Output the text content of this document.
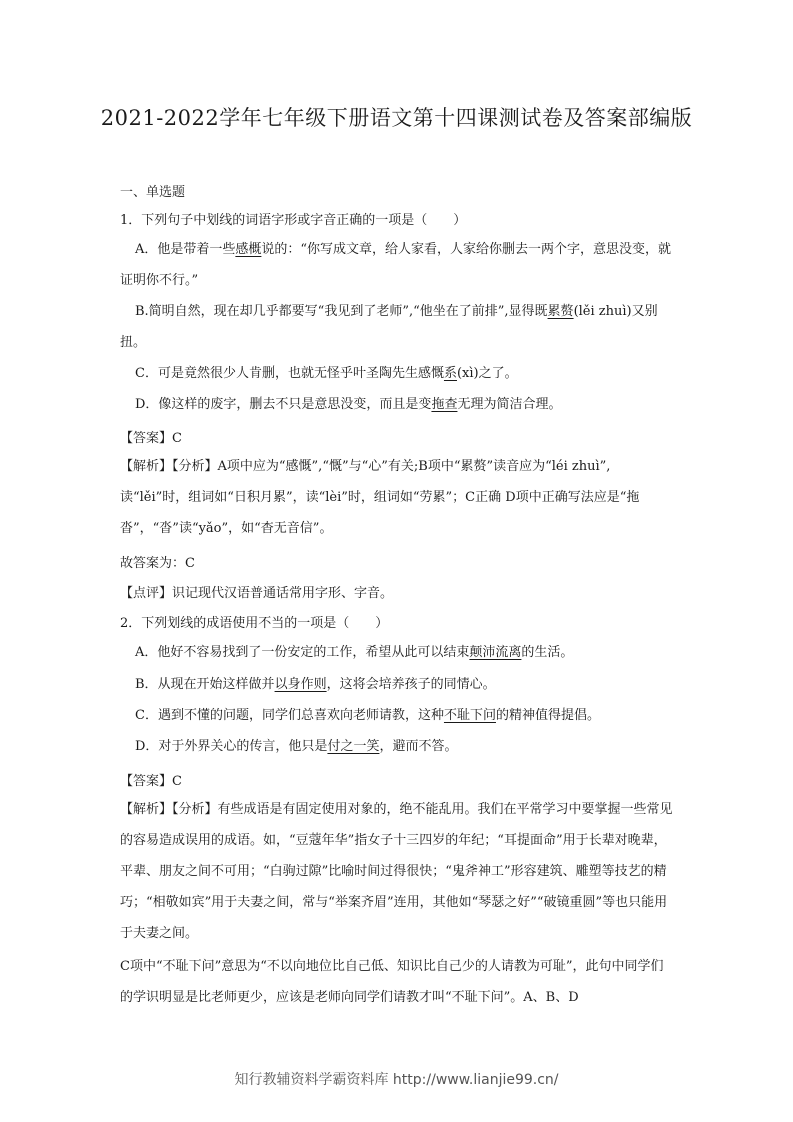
2021-2022学年七年级下册语文第十四课测试卷及答案部编版
一、单选题
1．下列句子中划线的词语字形或字音正确的一项是（　　）
A．他是带着一些感概说的：“你写成文章，给人家看，人家给你删去一两个字，意思没变，就证明你不行。”
B.简明自然，现在却几乎都要写“我见到了老师”,“他坐在了前排”,显得既累赘(lěi zhuì)又别扭。
C．可是竟然很少人肯删，也就无怪乎叶圣陶先生感慨系(xì)之了。
D．像这样的废字，删去不只是意思没变，而且是变拖查无理为简洁合理。
【答案】C
【解析】【分析】A项中应为“感慨”,“慨”与“心”有关;B项中“累赘”读音应为“léi zhuì”,读“lěi”时，组词如“日积月累”，读“lèi”时，组词如“劳累”；C正确 D项中正确写法应是“拖沓”，“沓”读“yǎo”，如“杳无音信”。
故答案为：C
【点评】识记现代汉语普通话常用字形、字音。
2．下列划线的成语使用不当的一项是（　　）
A．他好不容易找到了一份安定的工作，希望从此可以结束颠沛流离的生活。
B．从现在开始这样做并以身作则，这将会培养孩子的同情心。
C．遇到不懂的问题，同学们总喜欢向老师请教，这种不耻下问的精神值得提倡。
D．对于外界关心的传言，他只是付之一笑，避而不答。
【答案】C
【解析】【分析】有些成语是有固定使用对象的，绝不能乱用。我们在平常学习中要掌握一些常见的容易造成误用的成语。如，“豆蔻年华”指女子十三四岁的年纪；“耳提面命”用于长辈对晚辈，平辈、朋友之间不可用；“白驹过隙”比喻时间过得很快；“鬼斧神工”形容建筑、雕塑等技艺的精巧；“相敬如宾”用于夫妻之间，常与“举案齐眉”连用，其他如“琴瑟之好”“破镜重圆”等也只能用于夫妻之间。
C项中“不耻下问”意思为“不以向地位比自己低、知识比自己少的人请教为可耻”，此句中同学们的学识明显是比老师更少，应该是老师向同学们请教才叫“不耻下问”。A、B、D
知行教辅资料学霸资料库 http://www.lianjie99.cn/
